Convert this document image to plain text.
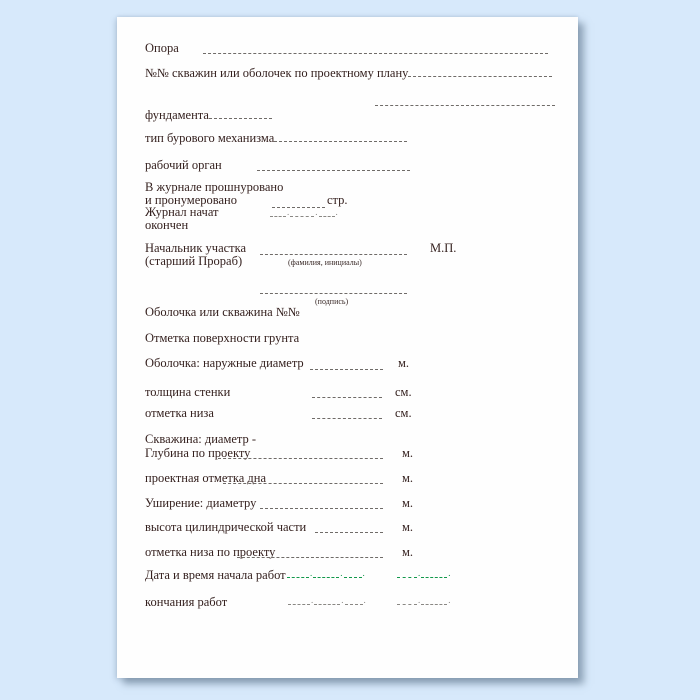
Опора
№№ скважин или оболочек по проектному плану
фундамента
тип бурового механизма
рабочий орган
В журнале прошнуровано
и пронумеровано	стр.
Журнал начат	.	. .
окончен
Начальник участка	М.П.
(старший Прораб)	(фамилия, инициалы)
(подпись)
Оболочка или скважина №№
Отметка поверхности грунта
Оболочка: наружные диаметр	м.
толщина стенки	см.
отметка низа	см.
Скважина: диаметр -
Глубина по проекту	м.
проектная отметка дна	м.
Уширение: диаметру	м.
высота цилиндрической части	м.
отметка низа по проекту	м.
Дата и время начала работ	.	. .	.	.
кончания работ	.	. .	.	.
